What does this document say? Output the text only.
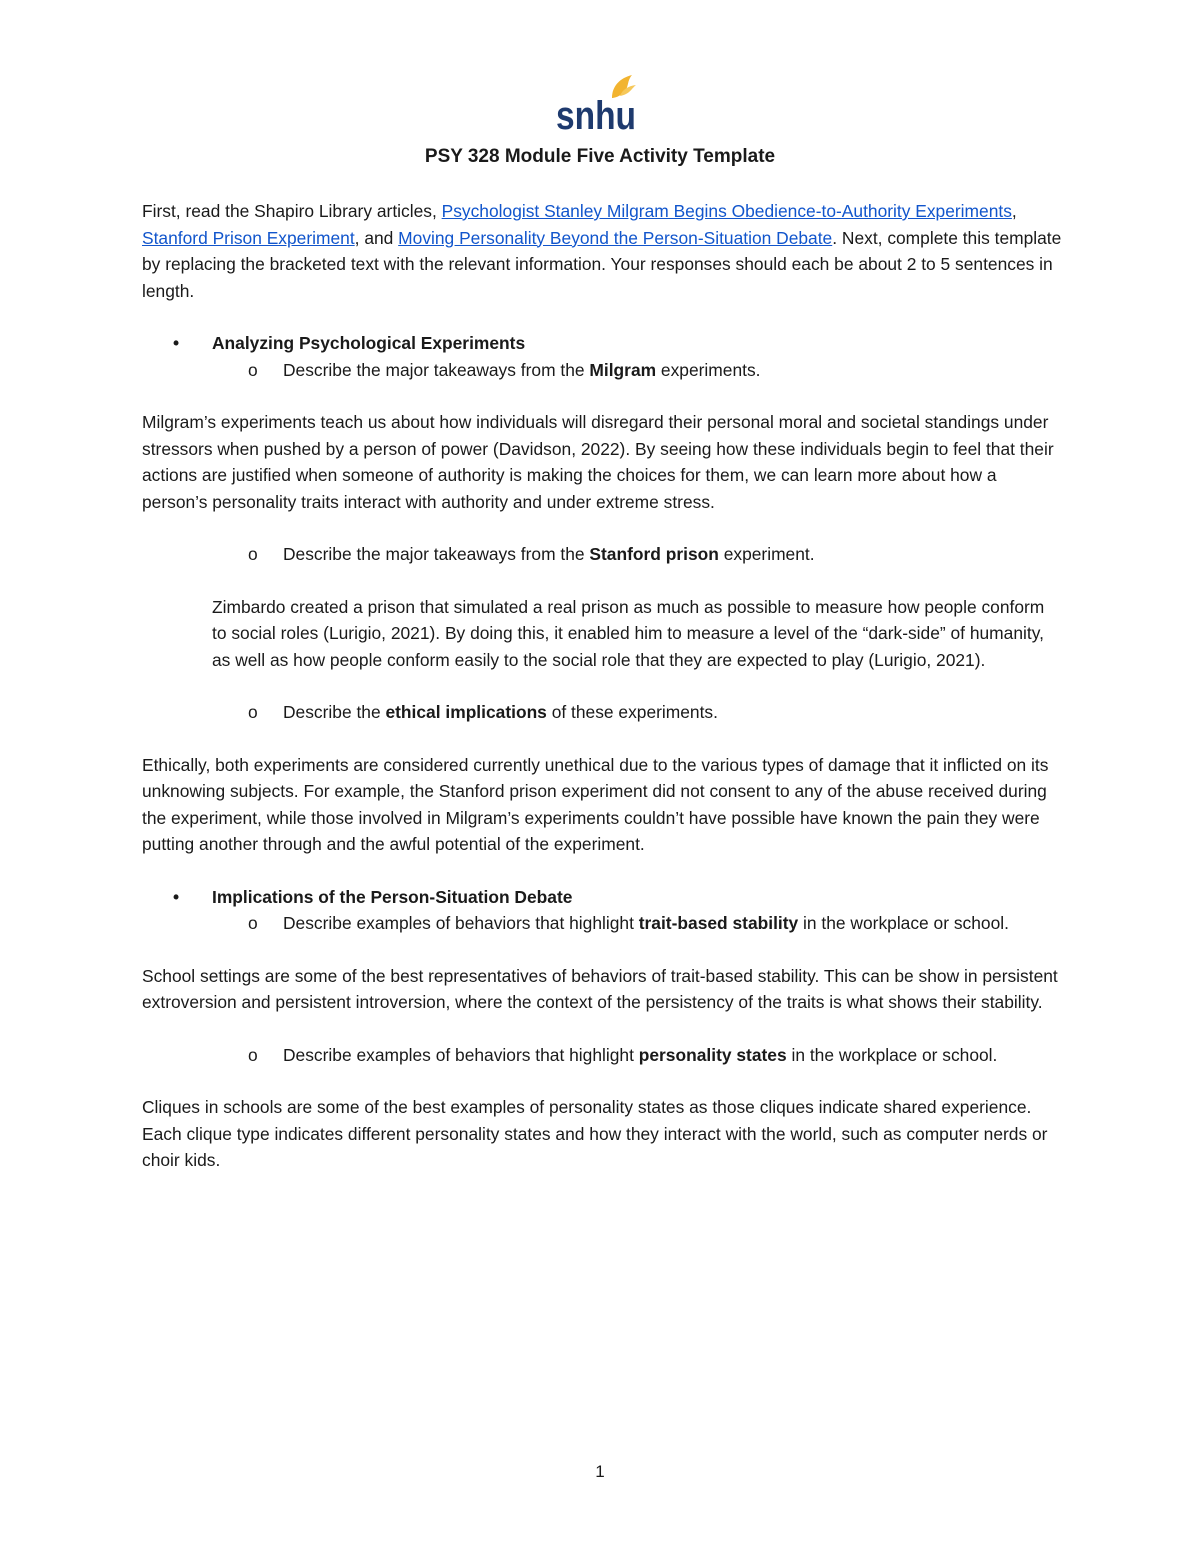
snhu
PSY 328 Module Five Activity Template

First, read the Shapiro Library articles, Psychologist Stanley Milgram Begins Obedience-to-Authority Experiments, Stanford Prison Experiment, and Moving Personality Beyond the Person-Situation Debate. Next, complete this template by replacing the bracketed text with the relevant information. Your responses should each be about 2 to 5 sentences in length.

• Analyzing Psychological Experiments

o Describe the major takeaways from the Milgram experiments.

Milgram’s experiments teach us about how individuals will disregard their personal moral and societal standings under stressors when pushed by a person of power (Davidson, 2022). By seeing how these individuals begin to feel that their actions are justified when someone of authority is making the choices for them, we can learn more about how a person’s personality traits interact with authority and under extreme stress.

o Describe the major takeaways from the Stanford prison experiment.

Zimbardo created a prison that simulated a real prison as much as possible to measure how people conform to social roles (Lurigio, 2021). By doing this, it enabled him to measure a level of the “dark-side” of humanity, as well as how people conform easily to the social role that they are expected to play (Lurigio, 2021).

o Describe the ethical implications of these experiments.

Ethically, both experiments are considered currently unethical due to the various types of damage that it inflicted on its unknowing subjects. For example, the Stanford prison experiment did not consent to any of the abuse received during the experiment, while those involved in Milgram’s experiments couldn’t have possible have known the pain they were putting another through and the awful potential of the experiment.

• Implications of the Person-Situation Debate

o Describe examples of behaviors that highlight trait-based stability in the workplace or school.

School settings are some of the best representatives of behaviors of trait-based stability. This can be show in persistent extroversion and persistent introversion, where the context of the persistency of the traits is what shows their stability.

o Describe examples of behaviors that highlight personality states in the workplace or school.

Cliques in schools are some of the best examples of personality states as those cliques indicate shared experience. Each clique type indicates different personality states and how they interact with the world, such as computer nerds or choir kids.

1
